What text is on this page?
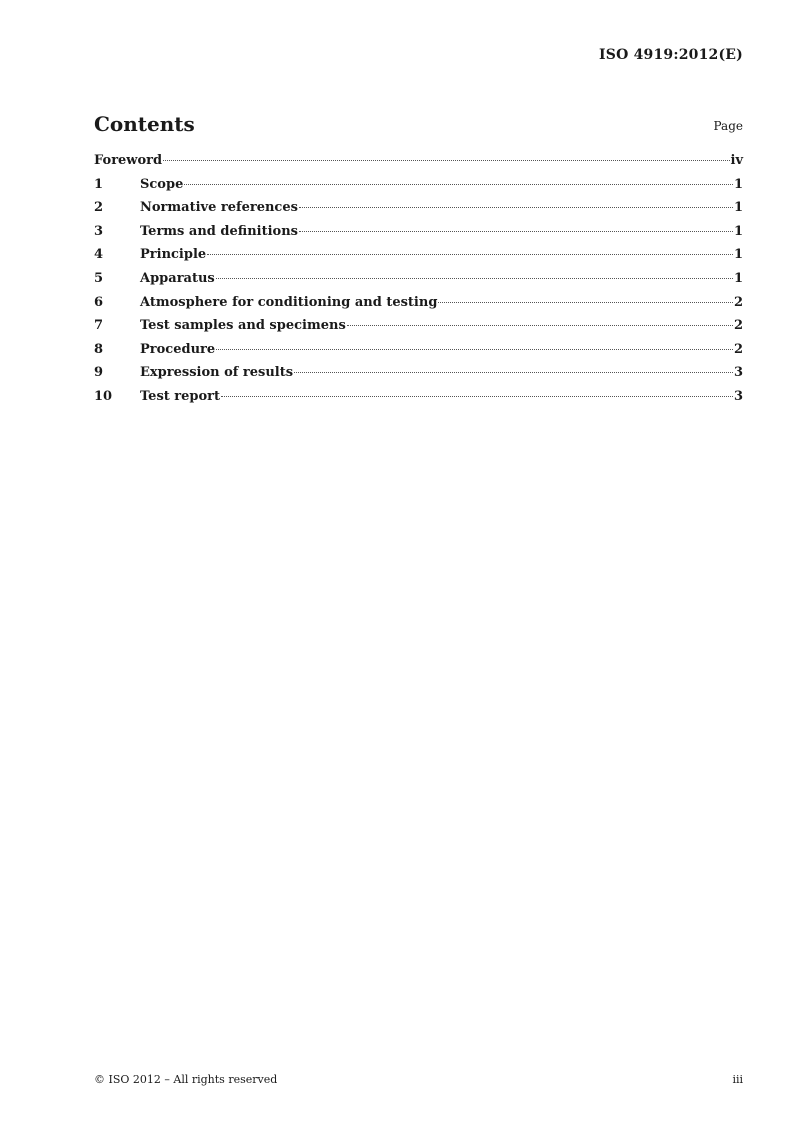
ISO 4919:2012(E)
Contents	Page
Foreword	iv
1	Scope	1
2	Normative references	1
3	Terms and definitions	1
4	Principle	1
5	Apparatus	1
6	Atmosphere for conditioning and testing	2
7	Test samples and specimens	2
8	Procedure	2
9	Expression of results	3
10	Test report	3
© ISO 2012 – All rights reserved	iii
